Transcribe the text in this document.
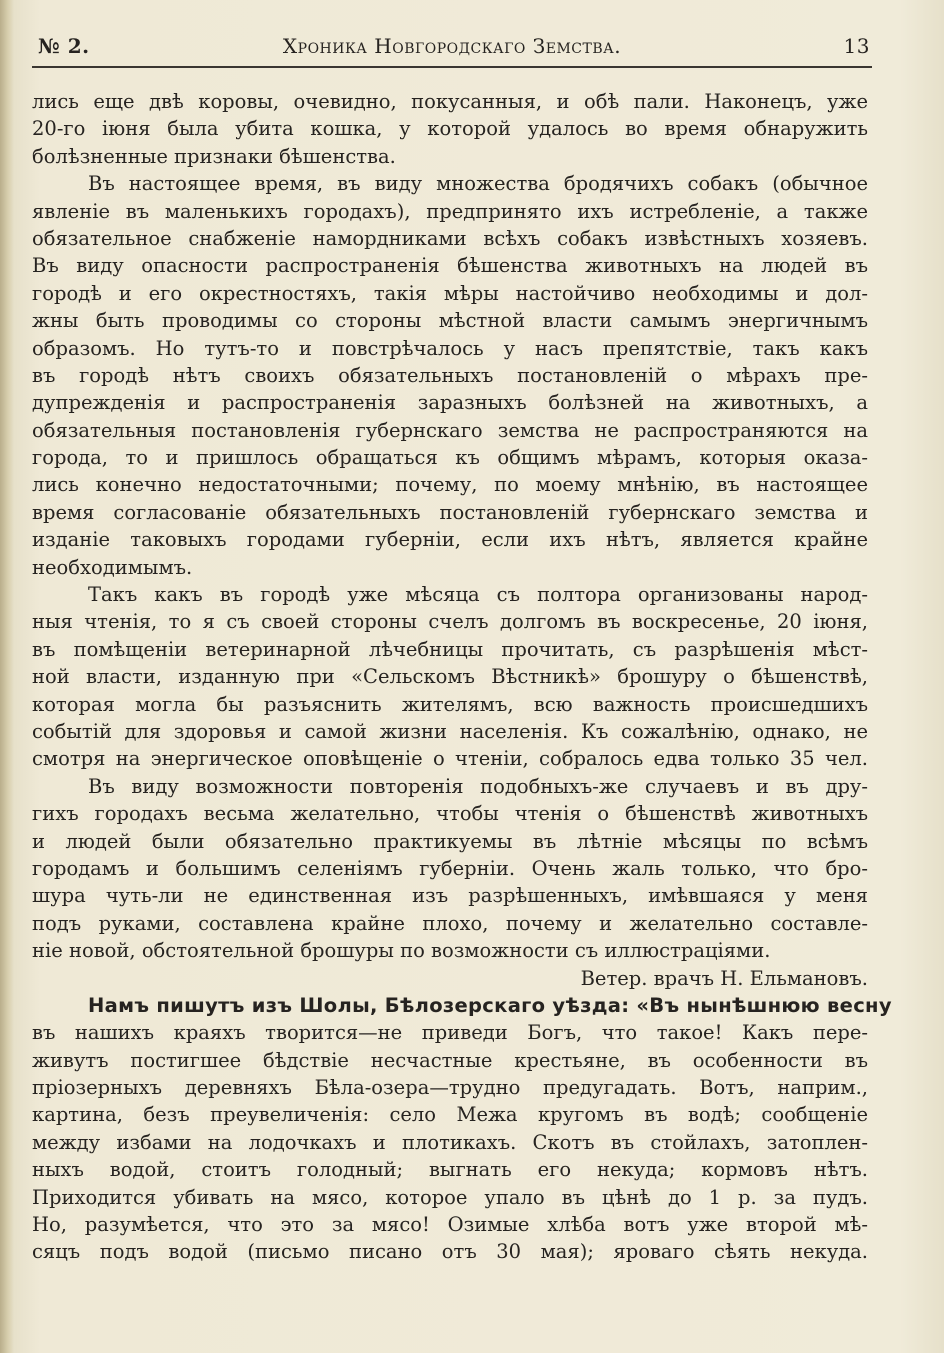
№ 2.	Хроника Новгородскаго Земства.	13
лись еще двѣ коровы, очевидно, покусанныя, и обѣ пали. Наконецъ, уже
20-го іюня была убита кошка, у которой удалось во время обнаружить
болѣзненные признаки бѣшенства.
Въ настоящее время, въ виду множества бродячихъ собакъ (обычное
явленіе въ маленькихъ городахъ), предпринято ихъ истребленіе, а также
обязательное снабженіе намордниками всѣхъ собакъ извѣстныхъ хозяевъ.
Въ виду опасности распространенія бѣшенства животныхъ на людей въ
городѣ и его окрестностяхъ, такія мѣры настойчиво необходимы и дол-
жны быть проводимы со стороны мѣстной власти самымъ энергичнымъ
образомъ. Но тутъ-то и повстрѣчалось у насъ препятствіе, такъ какъ
въ городѣ нѣтъ своихъ обязательныхъ постановленій о мѣрахъ пре-
дупрежденія и распространенія заразныхъ болѣзней на животныхъ, а
обязательныя постановленія губернскаго земства не распространяются на
города, то и пришлось обращаться къ общимъ мѣрамъ, которыя оказа-
лись конечно недостаточными; почему, по моему мнѣнію, въ настоящее
время согласованіе обязательныхъ постановленій губернскаго земства и
изданіе таковыхъ городами губерніи, если ихъ нѣтъ, является крайне
необходимымъ.
Такъ какъ въ городѣ уже мѣсяца съ полтора организованы народ-
ныя чтенія, то я съ своей стороны счелъ долгомъ въ воскресенье, 20 іюня,
въ помѣщеніи ветеринарной лѣчебницы прочитать, съ разрѣшенія мѣст-
ной власти, изданную при «Сельскомъ Вѣстникѣ» брошуру о бѣшенствѣ,
которая могла бы разъяснить жителямъ, всю важность происшедшихъ
событій для здоровья и самой жизни населенія. Къ сожалѣнію, однако, не
смотря на энергическое оповѣщеніе о чтеніи, собралось едва только 35 чел.
Въ виду возможности повторенія подобныхъ-же случаевъ и въ дру-
гихъ городахъ весьма желательно, чтобы чтенія о бѣшенствѣ животныхъ
и людей были обязательно практикуемы въ лѣтніе мѣсяцы по всѣмъ
городамъ и большимъ селеніямъ губерніи. Очень жаль только, что бро-
шура чуть-ли не единственная изъ разрѣшенныхъ, имѣвшаяся у меня
подъ руками, составлена крайне плохо, почему и желательно составле-
ніе новой, обстоятельной брошуры по возможности съ иллюстраціями.
Ветер. врачъ Н. Ельмановъ.
Намъ пишутъ изъ Шолы, Бѣлозерскаго уѣзда: «Въ нынѣшнюю весну
въ нашихъ краяхъ творится—не приведи Богъ, что такое! Какъ пере-
живутъ постигшее бѣдствіе несчастные крестьяне, въ особенности въ
пріозерныхъ деревняхъ Бѣла-озера—трудно предугадать. Вотъ, наприм.,
картина, безъ преувеличенія: село Межа кругомъ въ водѣ; сообщеніе
между избами на лодочкахъ и плотикахъ. Скотъ въ стойлахъ, затоплен-
ныхъ водой, стоитъ голодный; выгнать его некуда; кормовъ нѣтъ.
Приходится убивать на мясо, которое упало въ цѣнѣ до 1 р. за пудъ.
Но, разумѣется, что это за мясо! Озимые хлѣба вотъ уже второй мѣ-
сяцъ подъ водой (письмо писано отъ 30 мая); яроваго сѣять некуда.
